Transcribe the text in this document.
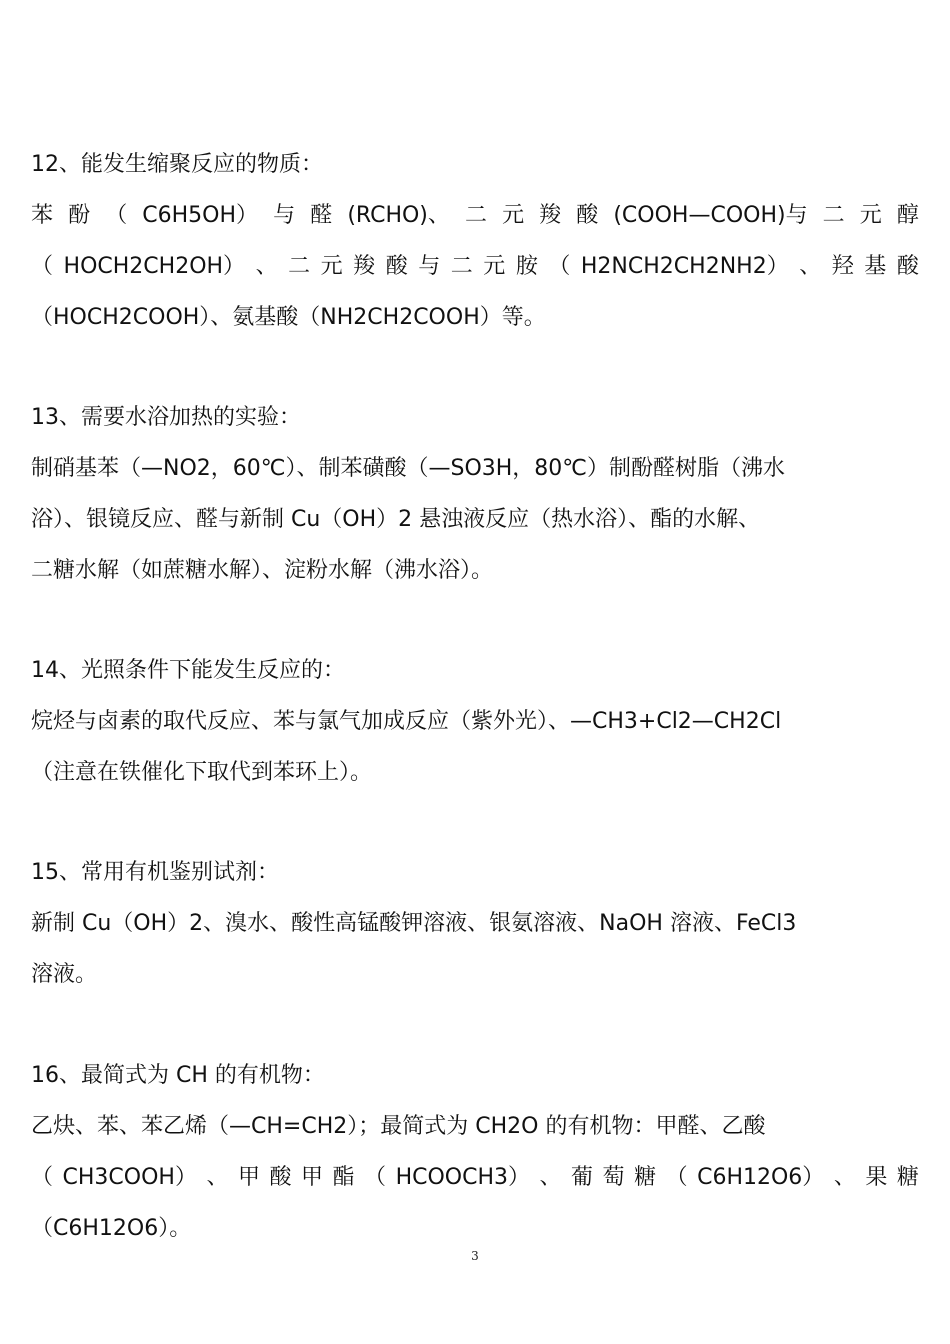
12、能发生缩聚反应的物质：
苯 酚 （ C6H5OH） 与 醛 (RCHO)、 二 元 羧 酸 (COOH—COOH)与 二 元 醇
（ HOCH2CH2OH） 、 二 元 羧 酸 与 二 元 胺 （ H2NCH2CH2NH2） 、 羟 基 酸
（HOCH2COOH）、氨基酸（NH2CH2COOH）等。
13、需要水浴加热的实验：
制硝基苯（—NO2，60℃）、制苯磺酸（—SO3H，80℃）制酚醛树脂（沸水
浴）、银镜反应、醛与新制 Cu（OH）2 悬浊液反应（热水浴）、酯的水解、
二糖水解（如蔗糖水解）、淀粉水解（沸水浴）。
14、光照条件下能发生反应的：
烷烃与卤素的取代反应、苯与氯气加成反应（紫外光）、—CH3+Cl2—CH2Cl
（注意在铁催化下取代到苯环上）。
15、常用有机鉴别试剂：
新制 Cu（OH）2、溴水、酸性高锰酸钾溶液、银氨溶液、NaOH 溶液、FeCl3
溶液。
16、最简式为 CH 的有机物：
乙炔、苯、苯乙烯（—CH=CH2）；最简式为 CH2O 的有机物：甲醛、乙酸
（ CH3COOH） 、 甲 酸 甲 酯 （ HCOOCH3） 、 葡 萄 糖 （ C6H12O6） 、 果 糖
（C6H12O6）。
3
